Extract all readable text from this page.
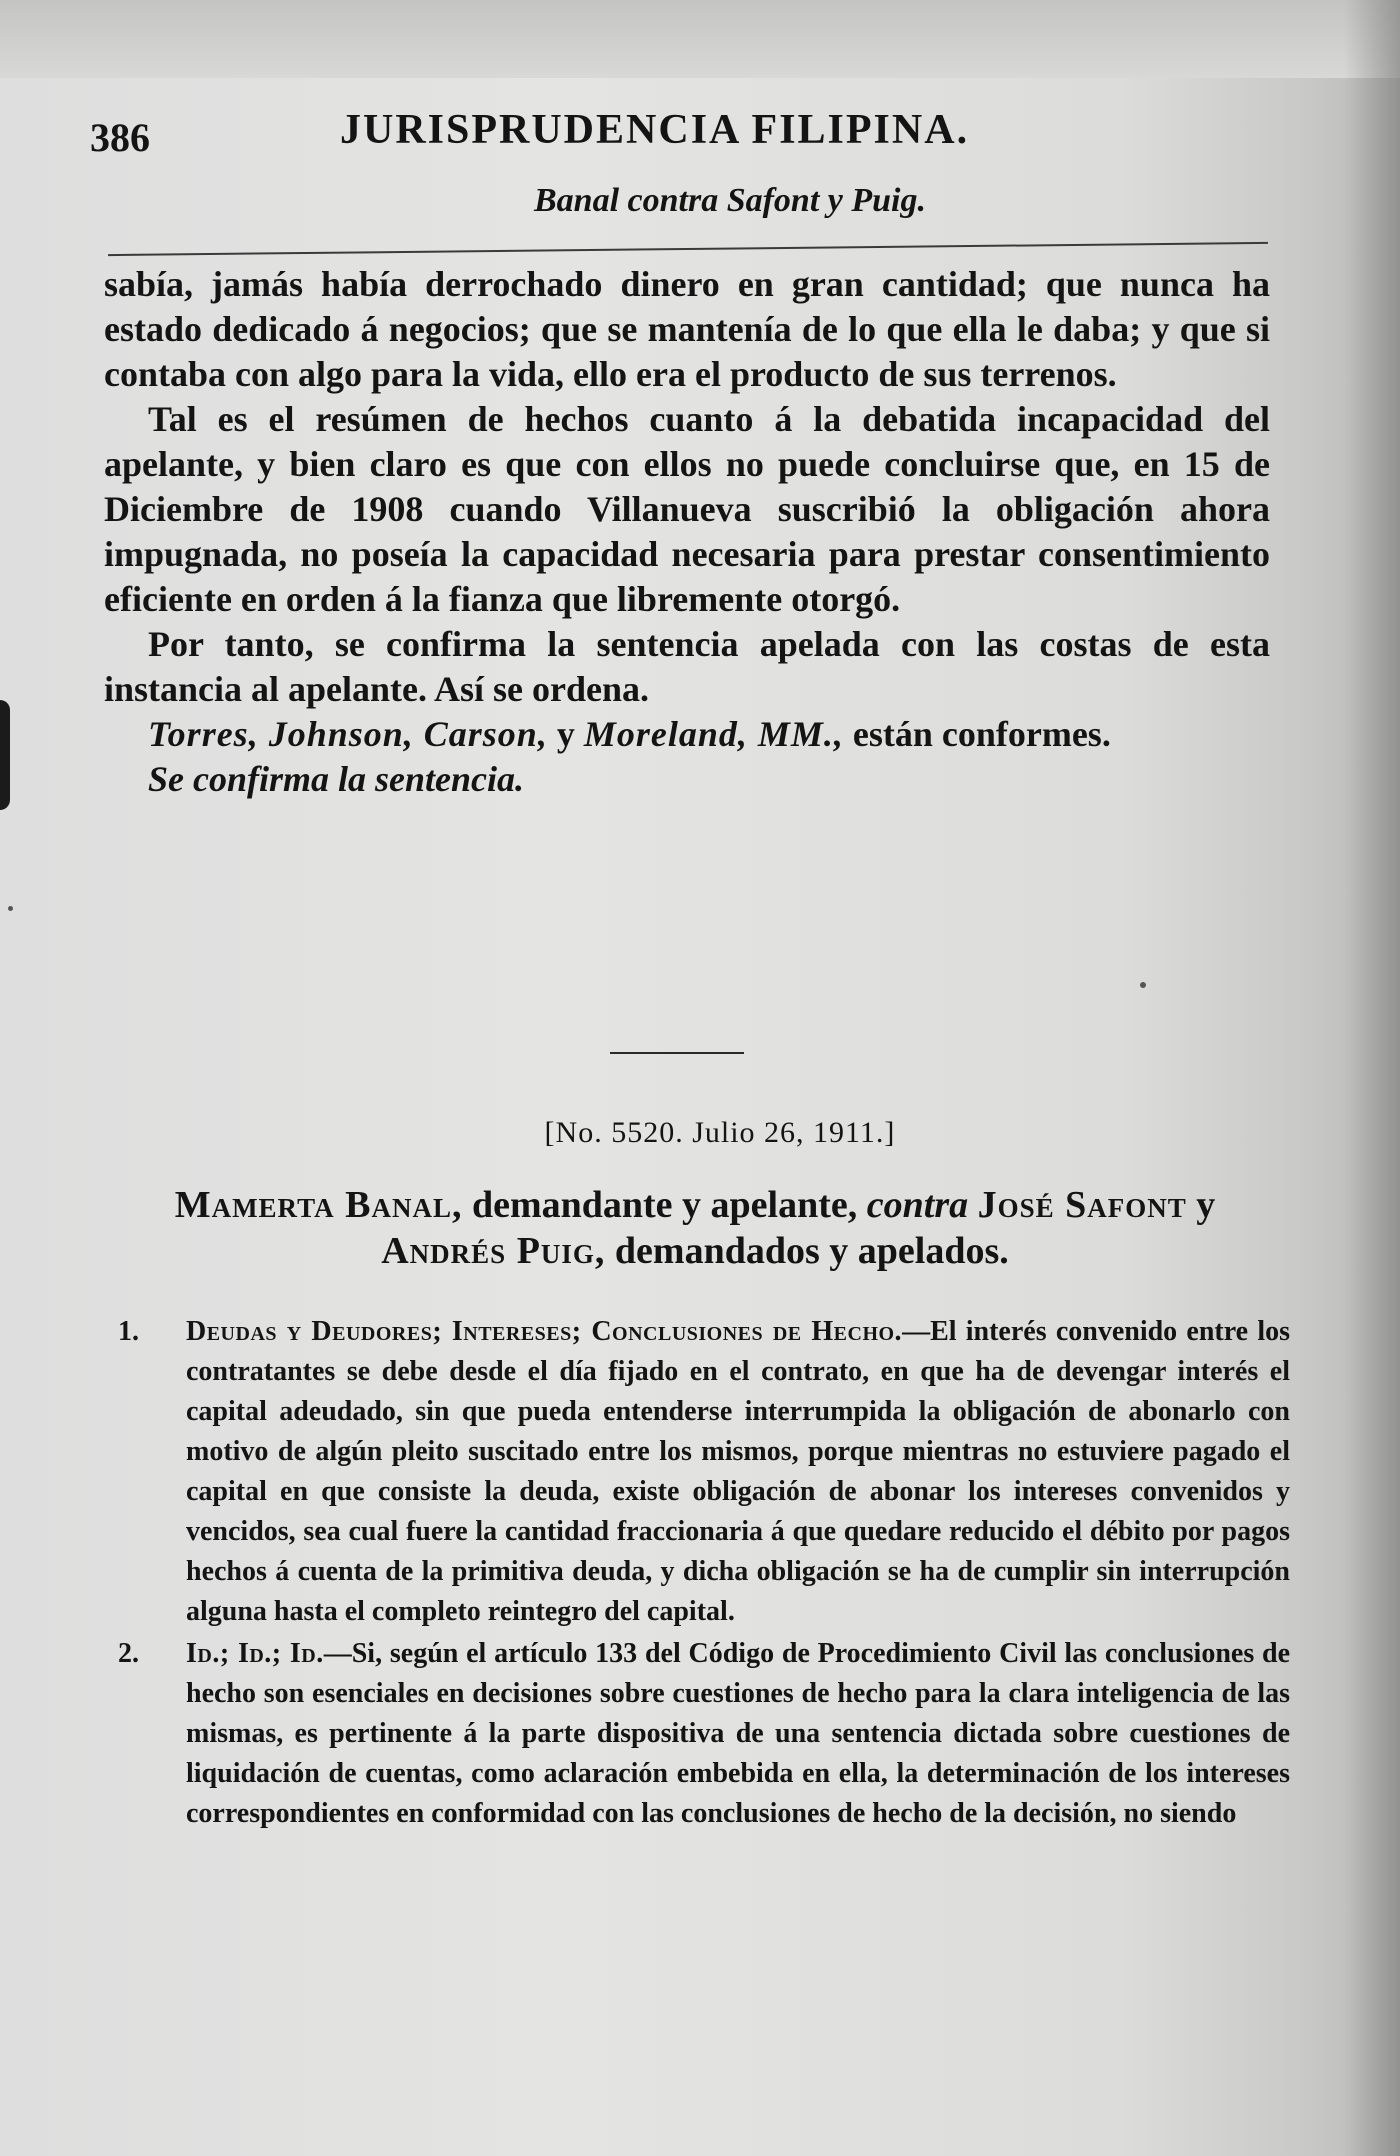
386	JURISPRUDENCIA FILIPINA.
Banal contra Safont y Puig.

sabía, jamás había derrochado dinero en gran cantidad; que nunca ha estado dedicado á negocios; que se mantenía de lo que ella le daba; y que si contaba con algo para la vida, ello era el producto de sus terrenos.

Tal es el resúmen de hechos cuanto á la debatida incapacidad del apelante, y bien claro es que con ellos no puede concluirse que, en 15 de Diciembre de 1908 cuando Villanueva suscribió la obligación ahora impugnada, no poseía la capacidad necesaria para prestar consentimiento eficiente en orden á la fianza que libremente otorgó.

Por tanto, se confirma la sentencia apelada con las costas de esta instancia al apelante. Así se ordena.

Torres, Johnson, Carson, y Moreland, MM., están conformes.

Se confirma la sentencia.

[No. 5520. Julio 26, 1911.]
Mamerta Banal, demandante y apelante, contra José Safont y Andrés Puig, demandados y apelados.
1.	Deudas y Deudores; Intereses; Conclusiones de Hecho.—El interés convenido entre los contratantes se debe desde el día fijado en el contrato, en que ha de devengar interés el capital adeudado, sin que pueda entenderse interrumpida la obligación de abonarlo con motivo de algún pleito suscitado entre los mismos, porque mientras no estuviere pagado el capital en que consiste la deuda, existe obligación de abonar los intereses convenidos y vencidos, sea cual fuere la cantidad fraccionaria á que quedare reducido el débito por pagos hechos á cuenta de la primitiva deuda, y dicha obligación se ha de cumplir sin interrupción alguna hasta el completo reintegro del capital.
2.	Id.; Id.; Id.—Si, según el artículo 133 del Código de Procedimiento Civil las conclusiones de hecho son esenciales en decisiones sobre cuestiones de hecho para la clara inteligencia de las mismas, es pertinente á la parte dispositiva de una sentencia dictada sobre cuestiones de liquidación de cuentas, como aclaración embebida en ella, la determinación de los intereses correspondientes en conformidad con las conclusiones de hecho de la decisión, no siendo
